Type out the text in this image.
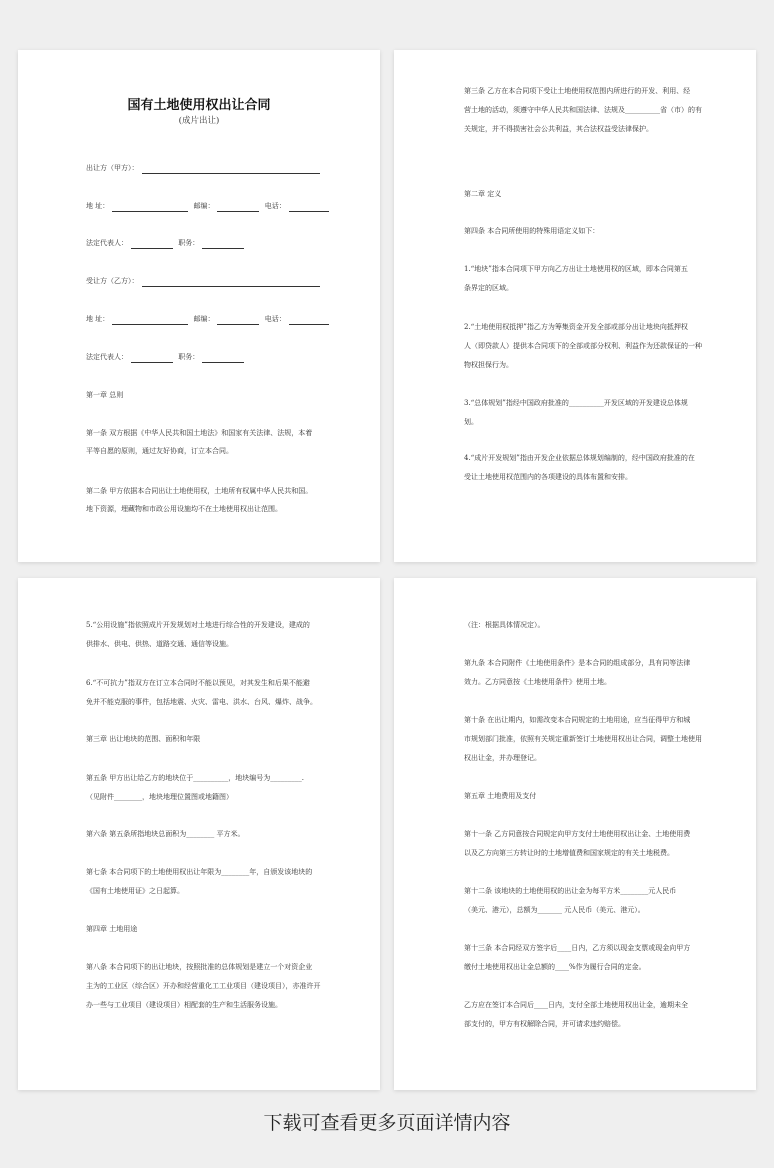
国有土地使用权出让合同
(成片出让)
出让方（甲方）：
地 址：	邮编：	电话：
法定代表人：	职务：
受让方（乙方）：
地 址：	邮编：	电话：
法定代表人：	职务：
第一章 总则
第一条 双方根据《中华人民共和国土地法》和国家有关法律、法规，本着
平等自愿的原则，通过友好协商，订立本合同。
第二条 甲方依据本合同出让土地使用权，土地所有权属中华人民共和国。
地下资源，埋藏物和市政公用设施均不在土地使用权出让范围。
第三条 乙方在本合同项下受让土地使用权范围内所进行的开发、利用、经
营土地的活动，须遵守中华人民共和国法律、法规及__________省（市）的有
关规定，并不得损害社会公共利益，其合法权益受法律保护。
第二章 定义
第四条 本合同所使用的特殊用语定义如下：
1.“地块”指本合同项下甲方向乙方出让土地使用权的区域，即本合同第五
条界定的区域。
2.“土地使用权抵押”指乙方为筹集资金开发全部或部分出让地块向抵押权
人（即贷款人）提供本合同项下的全部或部分权利、利益作为还款保证的一种
物权担保行为。
3.“总体规划”指经中国政府批准的__________开发区域的开发建设总体规
划。
4.“成片开发规划”指由开发企业依据总体规划编制的，经中国政府批准的在
受让土地使用权范围内的各项建设的具体布置和安排。
5.“公用设施”指依照成片开发规划对土地进行综合性的开发建设，建成的
供排水、供电、供热、道路交通、通信等设施。
6.“不可抗力”指双方在订立本合同时不能以预见，对其发生和后果不能避
免并不能克服的事件，包括地震、火灾、雷电、洪水、台风、爆炸、战争。
第三章 出让地块的范围、面积和年限
第五条 甲方出让给乙方的地块位于__________，地块编号为_________.
（见附件________，地块地理位置图或地籍图）
第六条 第五条所指地块总面积为________ 平方米。
第七条 本合同项下的土地使用权出让年限为________年，自颁发该地块的
《国有土地使用证》之日起算。
第四章 土地用途
第八条 本合同项下的出让地块，按照批准的总体规划是建立一个对资企业
主为的工业区（综合区）开办和经营重化工工业项目（建设项目），亦准许开
办一些与工业项目（建设项目）相配套的生产和生活服务设施。
（注：根据具体情况定）。
第九条 本合同附件《土地使用条件》是本合同的组成部分，具有同等法律
效力。乙方同意按《土地使用条件》使用土地。
第十条 在出让期内，如需改变本合同规定的土地用途，应当征得甲方和城
市规划部门批准，依照有关规定重新签订土地使用权出让合同，调整土地使用
权出让金，并办理登记。
第五章 土地费用及支付
第十一条 乙方同意按合同规定向甲方支付土地使用权出让金、土地使用费
以及乙方向第三方转让时的土地增值费和国家规定的有关土地税费。
第十二条 该地块的土地使用权的出让金为每平方米________元人民币
（美元、港元），总额为_______ 元人民币（美元、港元）。
第十三条 本合同经双方签字后____日内，乙方须以现金支票或现金向甲方
缴付土地使用权出让金总额的____%作为履行合同的定金。
乙方应在签订本合同后____日内，支付全部土地使用权出让金，逾期未全
部支付的，甲方有权解除合同，并可请求违约赔偿。
下载可查看更多页面详情内容
